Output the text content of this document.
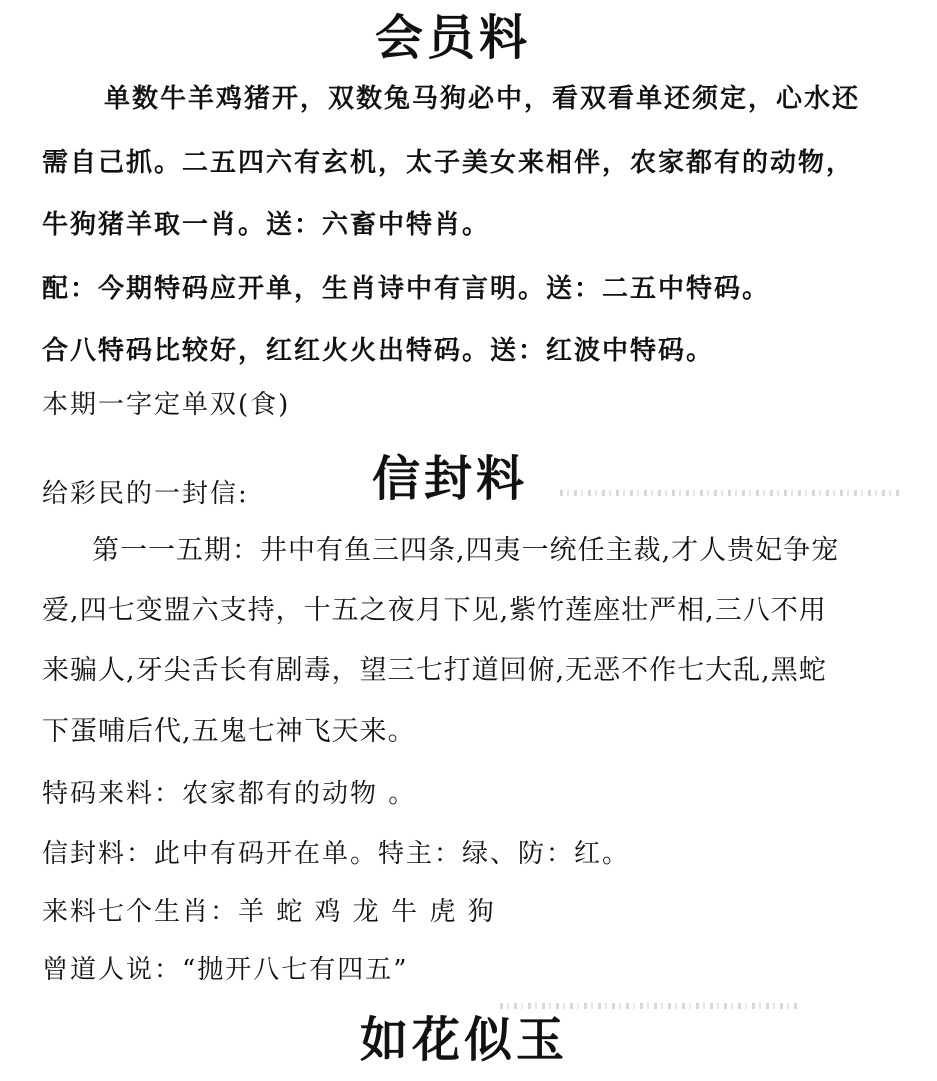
会员料
单数牛羊鸡猪开，双数兔马狗必中，看双看单还须定，心水还
需自己抓。二五四六有玄机，太子美女来相伴，农家都有的动物，
牛狗猪羊取一肖。送：六畜中特肖。
配：今期特码应开单，生肖诗中有言明。送：二五中特码。
合八特码比较好，红红火火出特码。送：红波中特码。
本期一字定单双(食)
给彩民的一封信:	信封料
第一一五期：井中有鱼三四条,四夷一统任主裁,才人贵妃争宠
爱,四七变盟六支持，十五之夜月下见,紫竹莲座壮严相,三八不用
来骗人,牙尖舌长有剧毒，望三七打道回俯,无恶不作七大乱,黑蛇
下蛋哺后代,五鬼七神飞天来。
特码来料：农家都有的动物 。
信封料：此中有码开在单。特主：绿、防：红。
来料七个生肖：羊 蛇 鸡 龙 牛 虎 狗
曾道人说：“抛开八七有四五”
如花似玉
